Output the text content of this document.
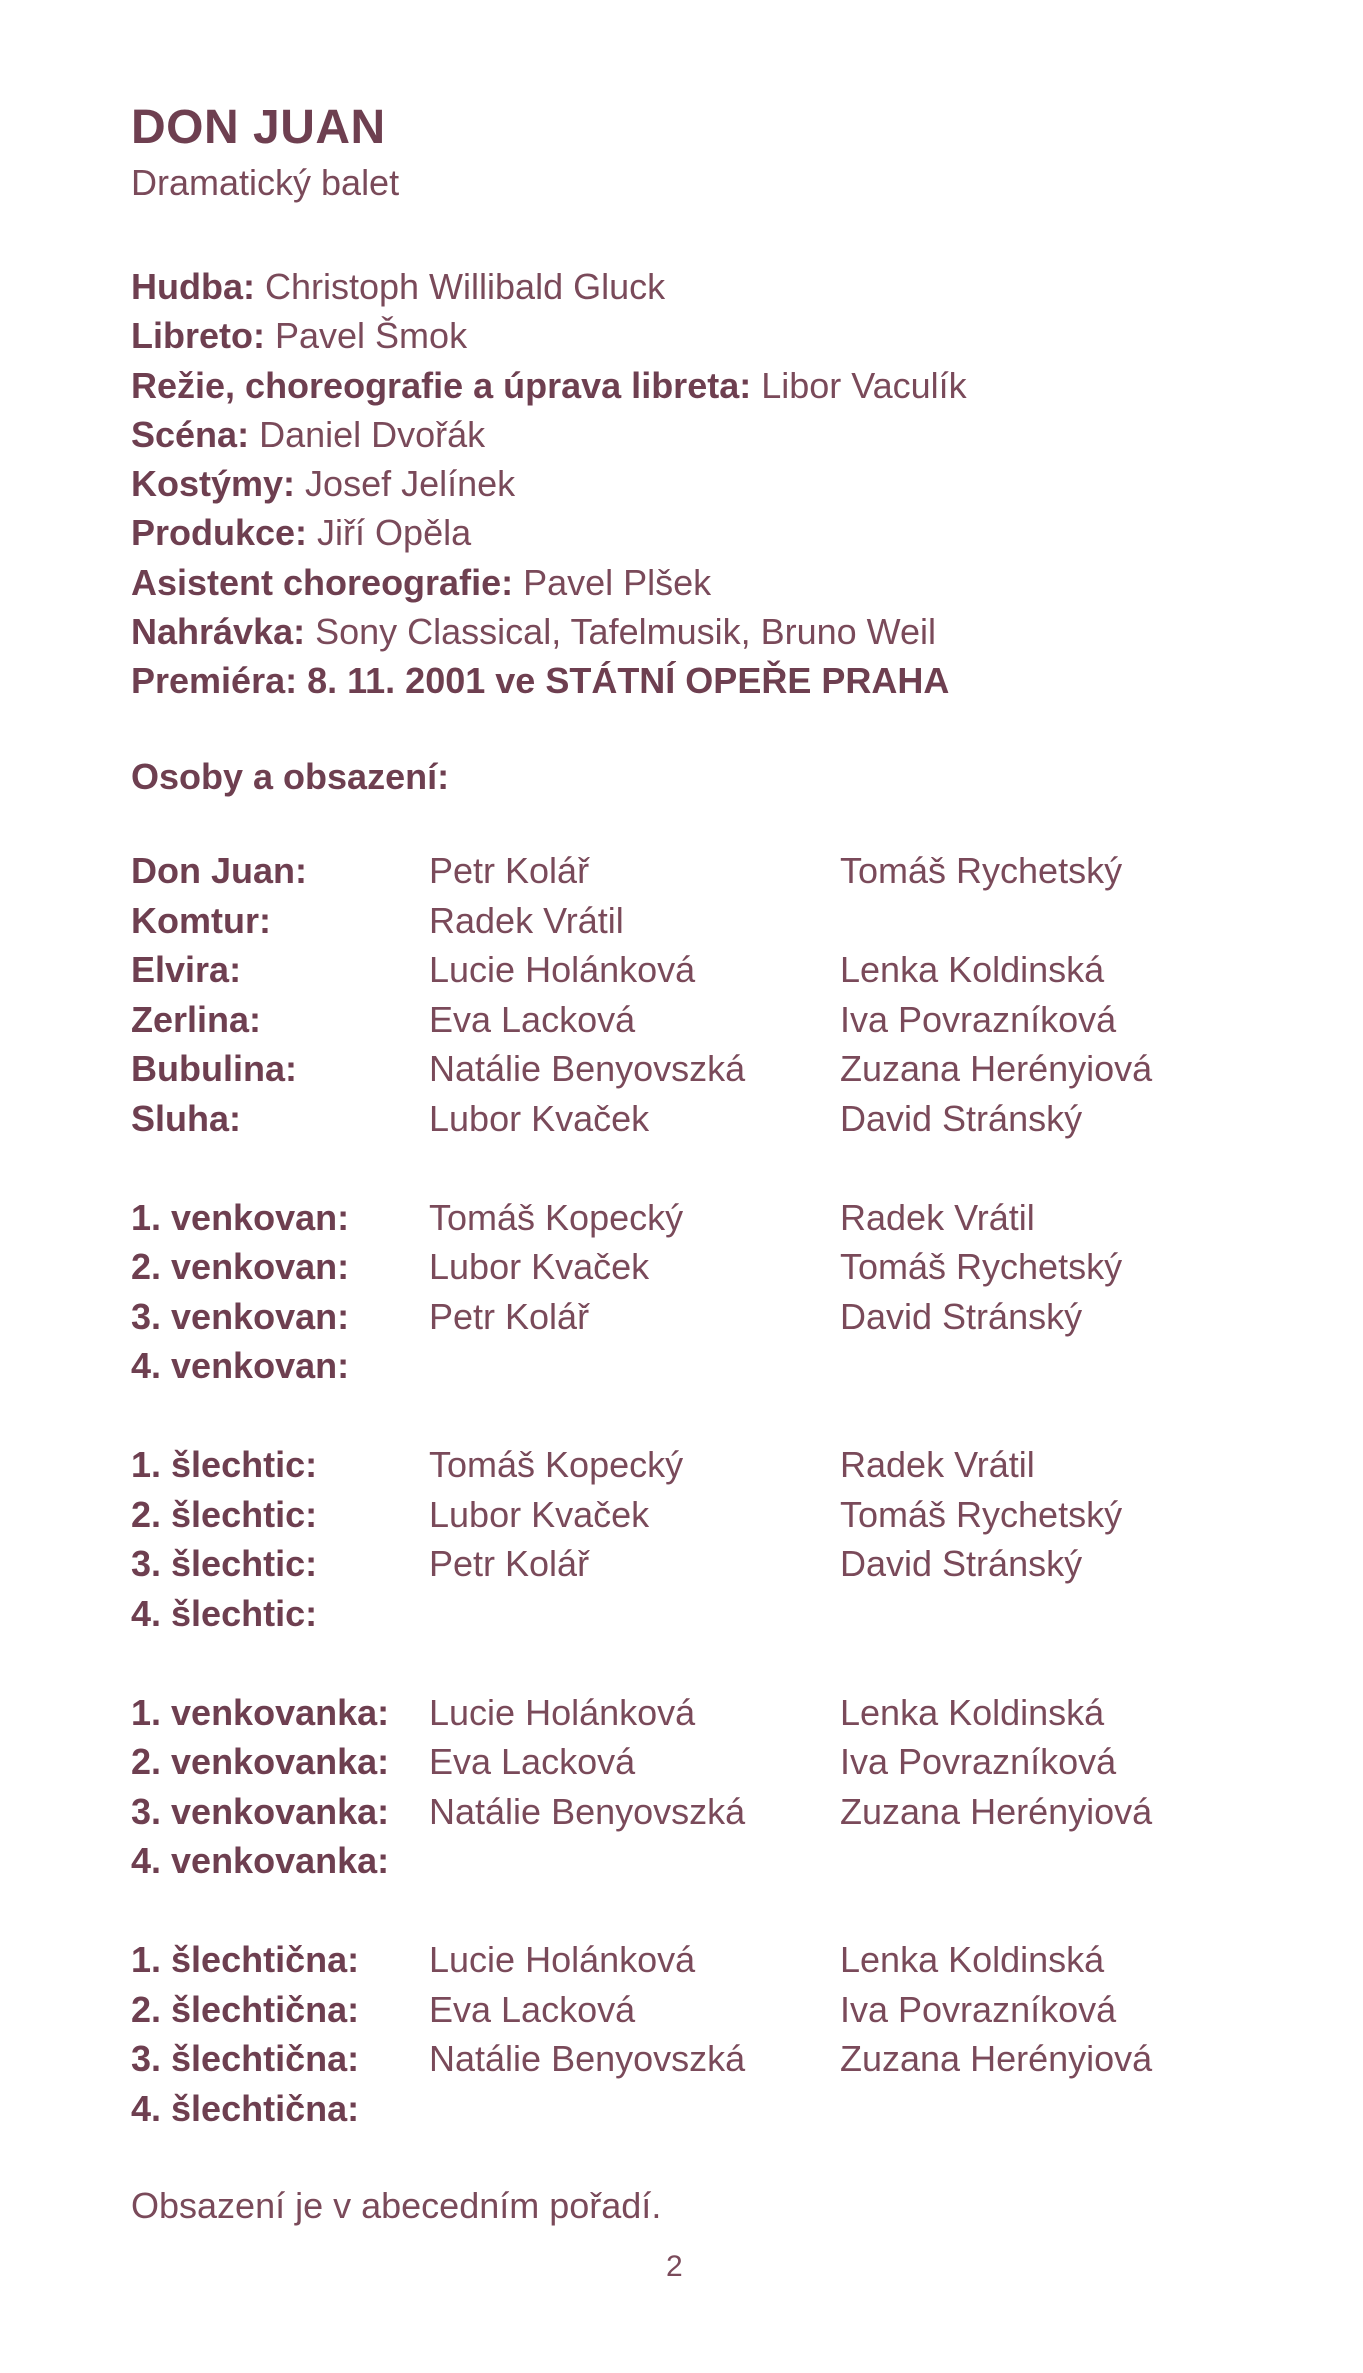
DON JUAN
Dramatický balet
Hudba: Christoph Willibald Gluck
Libreto: Pavel Šmok
Režie, choreografie a úprava libreta: Libor Vaculík
Scéna: Daniel Dvořák
Kostýmy: Josef Jelínek
Produkce: Jiří Opěla
Asistent choreografie: Pavel Plšek
Nahrávka: Sony Classical, Tafelmusik, Bruno Weil
Premiéra: 8. 11. 2001 ve STÁTNÍ OPEŘE PRAHA
Osoby a obsazení:
Don Juan:	Petr Kolář	Tomáš Rychetský
Komtur:	Radek Vrátil
Elvira:	Lucie Holánková	Lenka Koldinská
Zerlina:	Eva Lacková	Iva Povrazníková
Bubulina:	Natálie Benyovszká	Zuzana Herényiová
Sluha:	Lubor Kvaček	David Stránský
1. venkovan: Tomáš Kopecký	Radek Vrátil
2. venkovan: Lubor Kvaček	Tomáš Rychetský
3. venkovan: Petr Kolář	David Stránský
4. venkovan:
1. šlechtic:	Tomáš Kopecký	Radek Vrátil
2. šlechtic:	Lubor Kvaček	Tomáš Rychetský
3. šlechtic:	Petr Kolář	David Stránský
4. šlechtic:
1. venkovanka: Lucie Holánková	Lenka Koldinská
2. venkovanka: Eva Lacková	Iva Povrazníková
3. venkovanka: Natálie Benyovszká	Zuzana Herényiová
4. venkovanka:
1. šlechtična: Lucie Holánková	Lenka Koldinská
2. šlechtična: Eva Lacková	Iva Povrazníková
3. šlechtična: Natálie Benyovszká	Zuzana Herényiová
4. šlechtična:
Obsazení je v abecedním pořadí.
2
